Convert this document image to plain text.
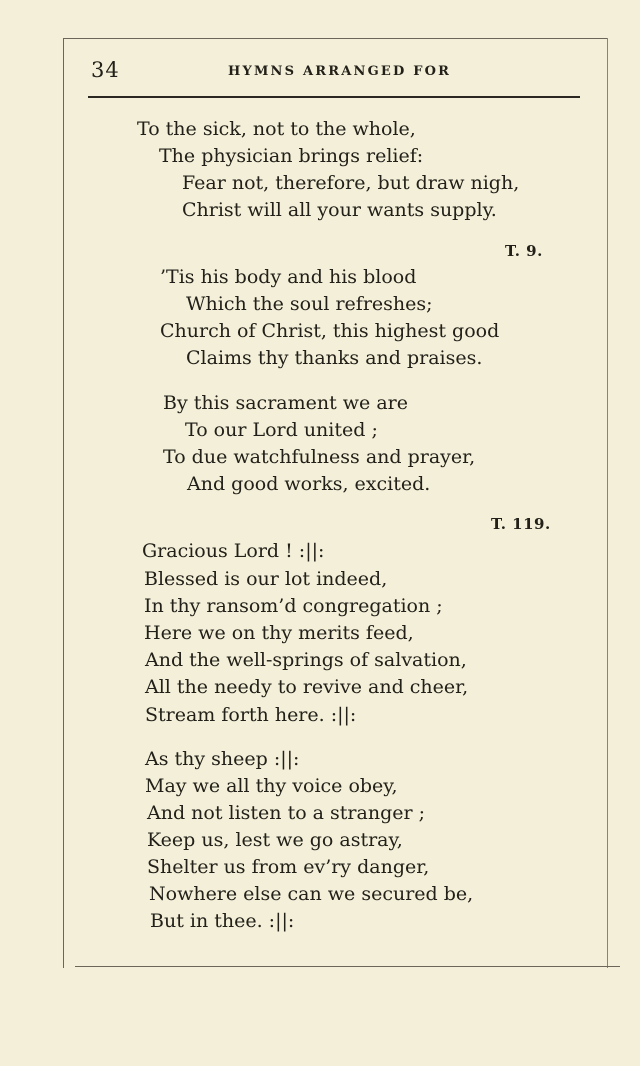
34	HYMNS ARRANGED FOR
To the sick, not to the whole,
The physician brings relief:
Fear not, therefore, but draw nigh,
Christ will all your wants supply.
T. 9.
’Tis his body and his blood
Which the soul refreshes;
Church of Christ, this highest good
Claims thy thanks and praises.
By this sacrament we are
To our Lord united ;
To due watchfulness and prayer,
And good works, excited.
T. 119.
Gracious Lord ! :||:
Blessed is our lot indeed,
In thy ransom’d congregation ;
Here we on thy merits feed,
And the well-springs of salvation,
All the needy to revive and cheer,
Stream forth here. :||:
As thy sheep :||:
May we all thy voice obey,
And not listen to a stranger ;
Keep us, lest we go astray,
Shelter us from ev’ry danger,
Nowhere else can we secured be,
But in thee. :||:
